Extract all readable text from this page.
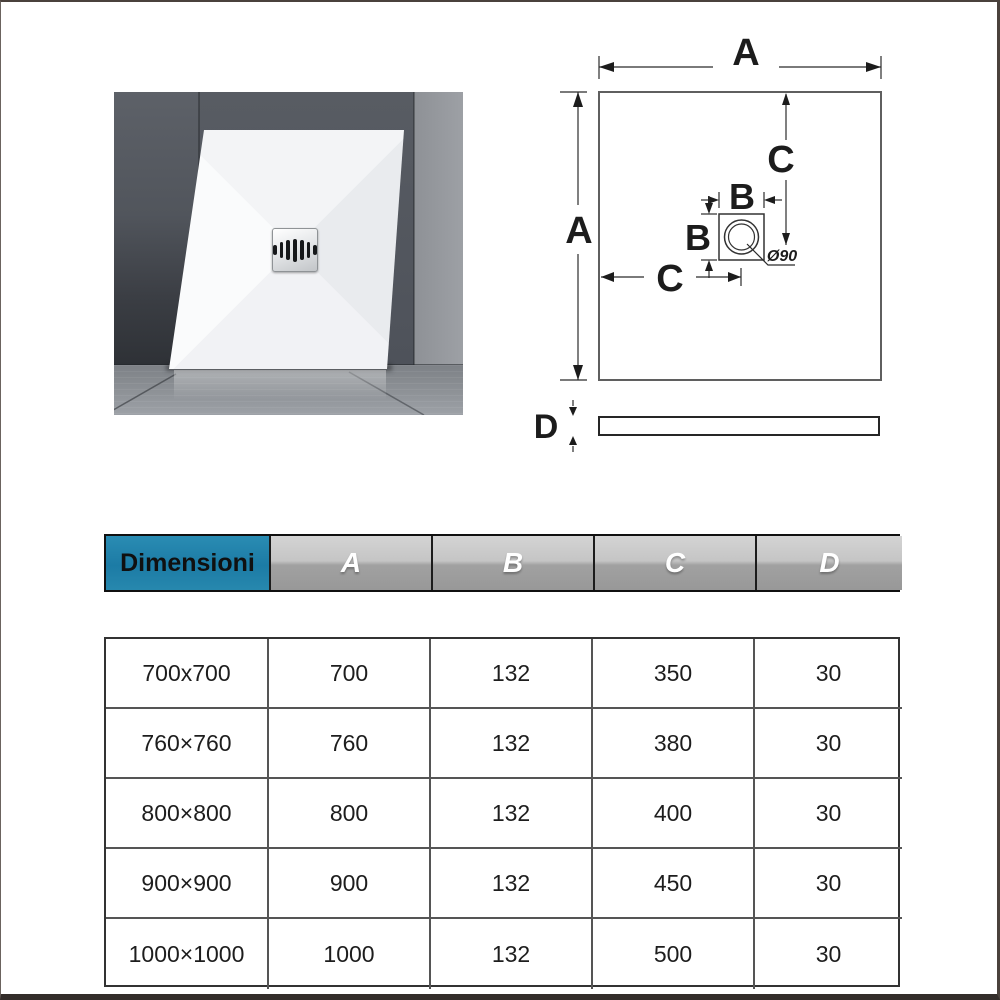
A
A
C
B
B	Ø90
C
D
Dimensioni	A	B	C	D
700x700	700	132	350	30
760×760	760	132	380	30
800×800	800	132	400	30
900×900	900	132	450	30
1000×1000	1000	132	500	30
